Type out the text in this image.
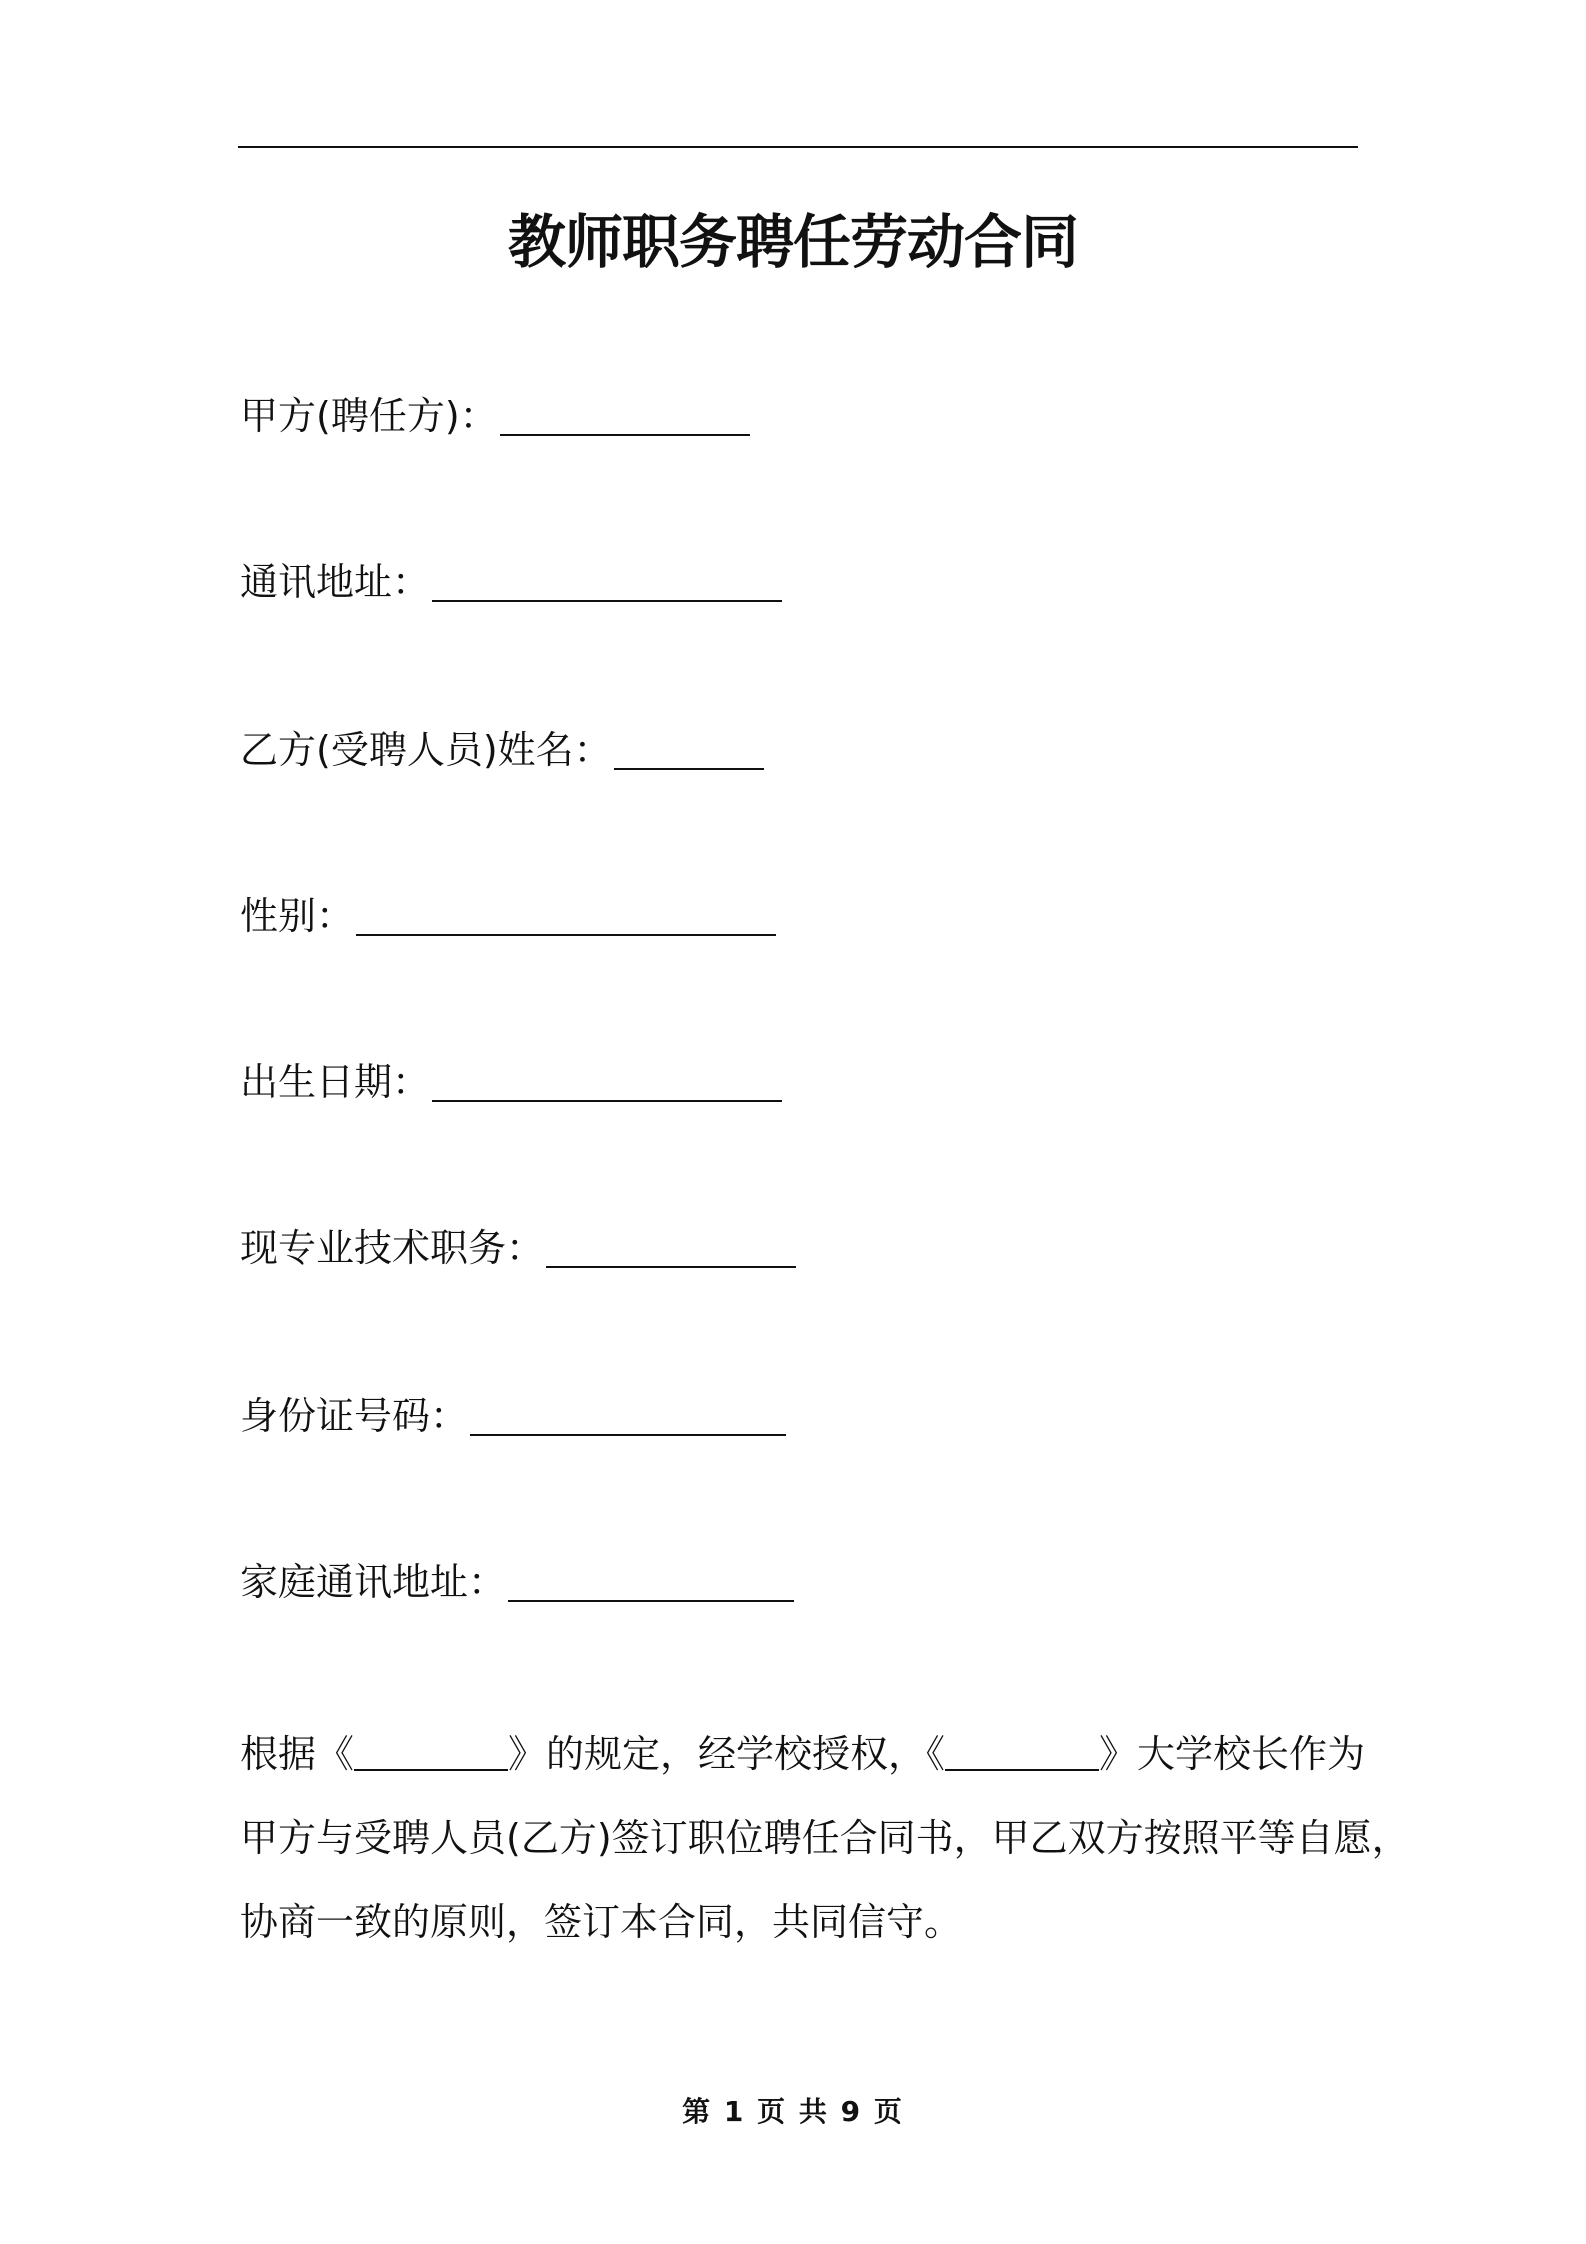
教师职务聘任劳动合同
甲方(聘任方)：
通讯地址：
乙方(受聘人员)姓名：
性别：
出生日期：
现专业技术职务：
身份证号码：
家庭通讯地址：
根据《	》的规定，经学校授权，《	》大学校长作为
甲方与受聘人员(乙方)签订职位聘任合同书，甲乙双方按照平等自愿，
协商一致的原则，签订本合同，共同信守。
第 1 页 共 9 页
